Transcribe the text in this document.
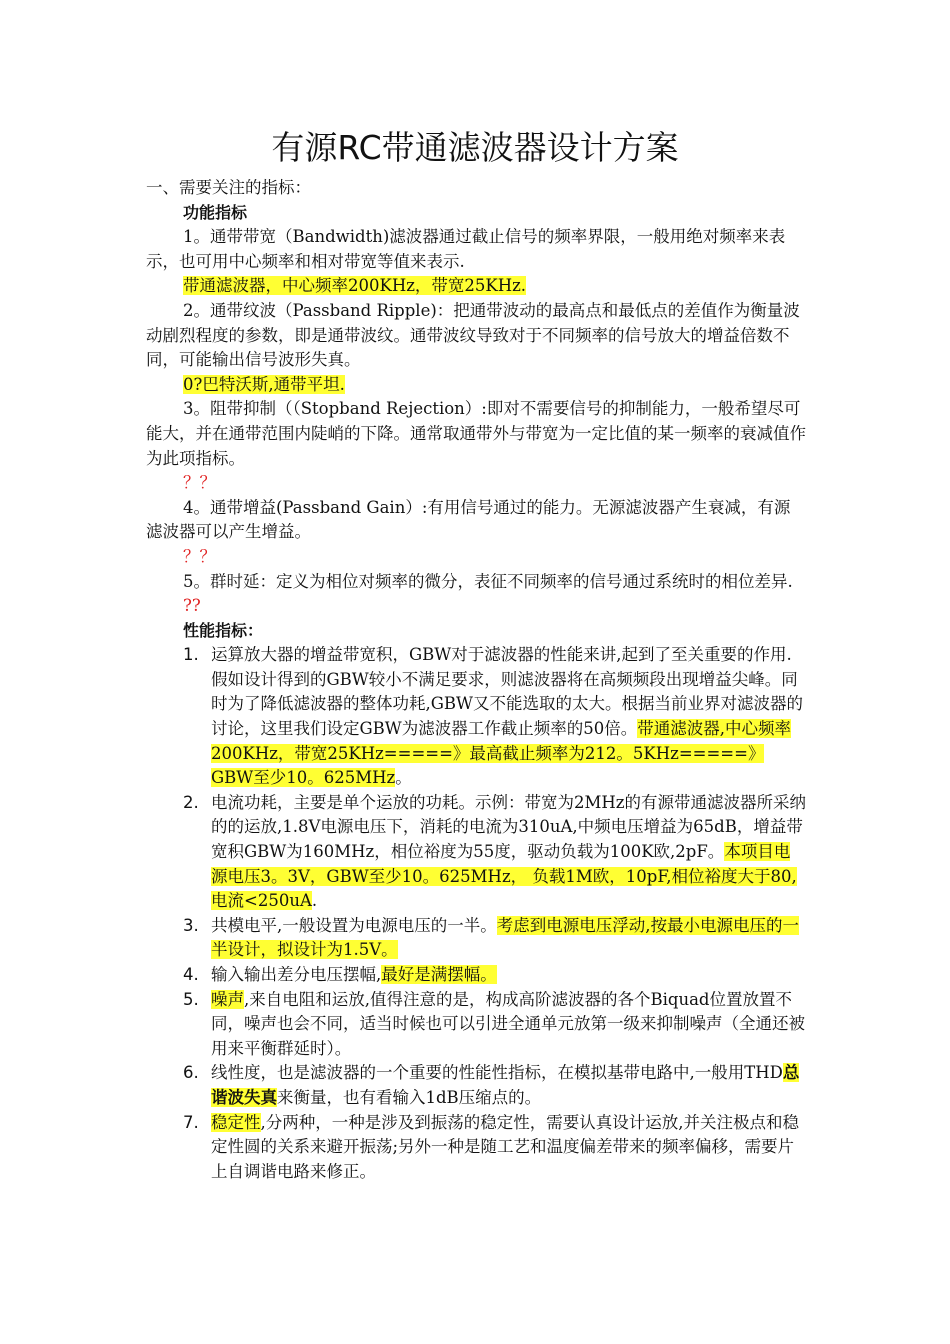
有源RC带通滤波器设计方案

一、需要关注的指标：

功能指标

1。通带带宽（Bandwidth)滤波器通过截止信号的频率界限，一般用绝对频率来表示，也可用中心频率和相对带宽等值来表示.

带通滤波器，中心频率200KHz，带宽25KHz.

2。通带纹波（Passband Ripple)：把通带波动的最高点和最低点的差值作为衡量波动剧烈程度的参数，即是通带波纹。通带波纹导致对于不同频率的信号放大的增益倍数不同，可能输出信号波形失真。

0?巴特沃斯,通带平坦.

3。阻带抑制（（Stopband Rejection）:即对不需要信号的抑制能力，一般希望尽可能大，并在通带范围内陡峭的下降。通常取通带外与带宽为一定比值的某一频率的衰减值作为此项指标。

？？

4。通带增益(Passband Gain）:有用信号通过的能力。无源滤波器产生衰减，有源滤波器可以产生增益。

？？

5。群时延：定义为相位对频率的微分，表征不同频率的信号通过系统时的相位差异.

??

性能指标：

1. 运算放大器的增益带宽积，GBW对于滤波器的性能来讲,起到了至关重要的作用.假如设计得到的GBW较小不满足要求，则滤波器将在高频频段出现增益尖峰。同时为了降低滤波器的整体功耗,GBW又不能选取的太大。根据当前业界对滤波器的讨论，这里我们设定GBW为滤波器工作截止频率的50倍。带通滤波器,中心频率200KHz，带宽25KHz=====》最高截止频率为212。5KHz=====》GBW至少10。625MHz。
2. 电流功耗，主要是单个运放的功耗。示例：带宽为2MHz的有源带通滤波器所采纳的的运放,1.8V电源电压下，消耗的电流为310uA,中频电压增益为65dB，增益带宽积GBW为160MHz，相位裕度为55度，驱动负载为100K欧,2pF。本项目电源电压3。3V，GBW至少10。625MHz， 负载1M欧，10pF,相位裕度大于80,电流<250uA.
3. 共模电平,一般设置为电源电压的一半。考虑到电源电压浮动,按最小电源电压的一半设计，拟设计为1.5V。
4. 输入输出差分电压摆幅,最好是满摆幅。
5. 噪声,来自电阻和运放,值得注意的是，构成高阶滤波器的各个Biquad位置放置不同，噪声也会不同，适当时候也可以引进全通单元放第一级来抑制噪声（全通还被用来平衡群延时）。
6. 线性度，也是滤波器的一个重要的性能性指标，在模拟基带电路中,一般用THD总谐波失真来衡量，也有看输入1dB压缩点的。
7. 稳定性,分两种，一种是涉及到振荡的稳定性，需要认真设计运放,并关注极点和稳定性圆的关系来避开振荡;另外一种是随工艺和温度偏差带来的频率偏移，需要片上自调谐电路来修正。
